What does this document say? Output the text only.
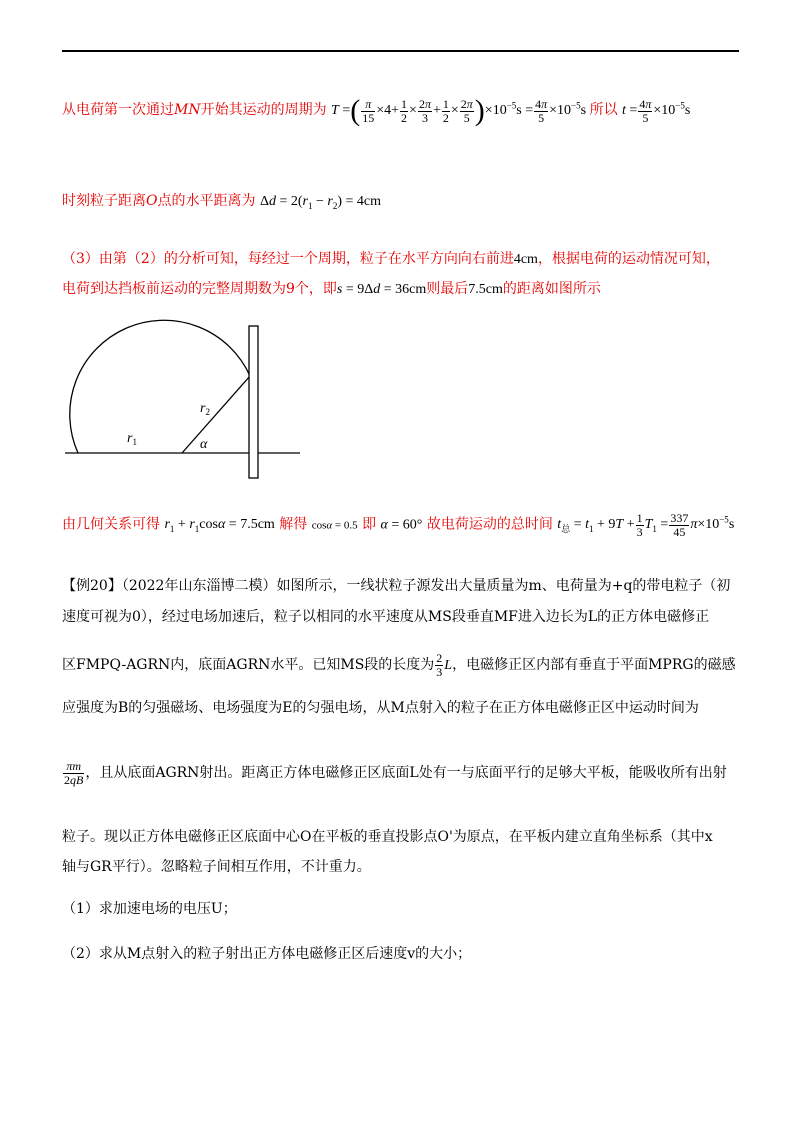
从电荷第一次通过MN开始其运动的周期为 T =( $\frac{\pi}{15} \times 4+ \frac{1}{2} \times \frac{2\pi}{3} + \frac{1}{2} \times \frac{2\pi}{5} )\times 10^{-5}s = \frac{4\pi}{5} \times 10^{-5}s$ 所以 $t = \frac{4\pi}{5} \times 10^{-5}s$
时刻粒子距离O点的水平距离为 $\Delta d = 2(r_1 - r_2) = 4cm$
（3）由第（2）的分析可知，每经过一个周期，粒子在水平方向向右前进4cm，根据电荷的运动情况可知，
电荷到达挡板前运动的完整周期数为9个，即s = 9Δd = 36cm则最后7.5cm的距离如图所示
$r_1$
$r_2$
α
由几何关系可得 $r_1 + r_1\cos\alpha = 7.5cm$ 解得 cosα = 0.5 即 α = 60° 故电荷运动的总时间 $t_总 = t_1 + 9T + \frac{1}{3} T_1 = \frac{337}{45} \pi\times 10^{-5}s$
【例20】（2022年山东淄博二模）如图所示，一线状粒子源发出大量质量为m、电荷量为+q的带电粒子（初
速度可视为0），经过电场加速后，粒子以相同的水平速度从MS段垂直MF进入边长为L的正方体电磁修正
区FMPQ-AGRN内，底面AGRN水平。已知MS段的长度为 $\frac{2}{3}$ L，电磁修正区内部有垂直于平面MPRG的磁感
应强度为B的匀强磁场、电场强度为E的匀强电场，从M点射入的粒子在正方体电磁修正区中运动时间为
$\frac{\pi m}{2qB}$ ，且从底面AGRN射出。距离正方体电磁修正区底面L处有一与底面平行的足够大平板，能吸收所有出射
粒子。现以正方体电磁修正区底面中心O在平板的垂直投影点O'为原点，在平板内建立直角坐标系（其中x
轴与GR平行）。忽略粒子间相互作用，不计重力。
（1）求加速电场的电压U；
（2）求从M点射入的粒子射出正方体电磁修正区后速度v的大小；
